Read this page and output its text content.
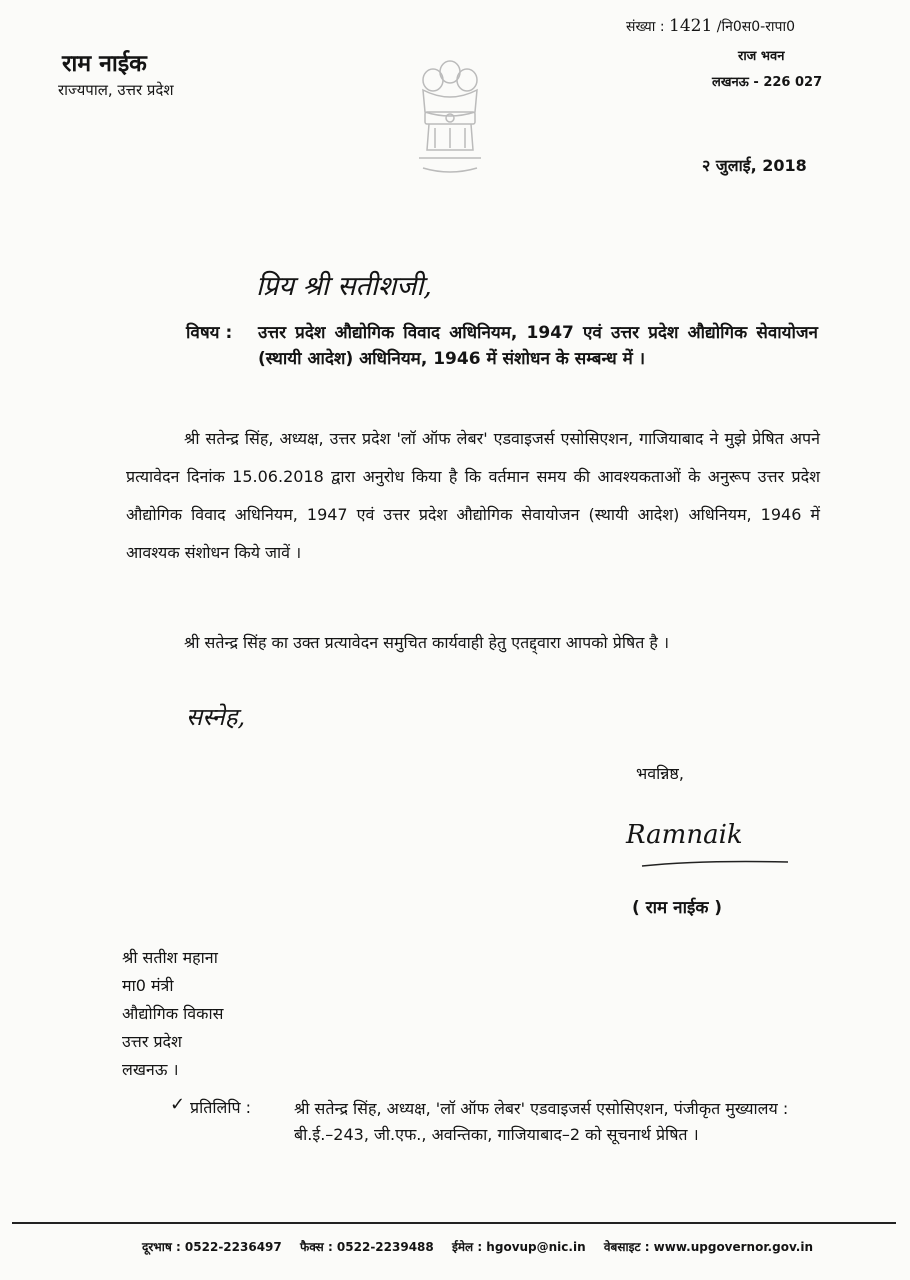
राम नाईक
राज्यपाल, उत्तर प्रदेश
संख्या : 1421 /नि0स0-रापा0
राज भवन
लखनऊ - 226 027
२ जुलाई, 2018
प्रिय श्री सतीशजी,
विषय : उत्तर प्रदेश औद्योगिक विवाद अधिनियम, 1947 एवं उत्तर प्रदेश औद्योगिक सेवायोजन (स्थायी आदेश) अधिनियम, 1946 में संशोधन के सम्बन्ध में ।
श्री सतेन्द्र सिंह, अध्यक्ष, उत्तर प्रदेश 'लॉ ऑफ लेबर' एडवाइजर्स एसोसिएशन, गाजियाबाद ने मुझे प्रेषित अपने प्रत्यावेदन दिनांक 15.06.2018 द्वारा अनुरोध किया है कि वर्तमान समय की आवश्यकताओं के अनुरूप उत्तर प्रदेश औद्योगिक विवाद अधिनियम, 1947 एवं उत्तर प्रदेश औद्योगिक सेवायोजन (स्थायी आदेश) अधिनियम, 1946 में आवश्यक संशोधन किये जावें ।
श्री सतेन्द्र सिंह का उक्त प्रत्यावेदन समुचित कार्यवाही हेतु एतद्द्वारा आपको प्रेषित है ।
सस्नेह,
भवन्निष्ठ,
Ramnaik
( राम नाईक )
श्री सतीश महाना
मा0 मंत्री
औद्योगिक विकास
उत्तर प्रदेश
लखनऊ ।
✓ प्रतिलिपि :	श्री सतेन्द्र सिंह, अध्यक्ष, 'लॉ ऑफ लेबर' एडवाइजर्स एसोसिएशन, पंजीकृत मुख्यालय : बी.ई.–243, जी.एफ., अवन्तिका, गाजियाबाद–2 को सूचनार्थ प्रेषित ।
दूरभाष : 0522-2236497 फैक्स : 0522-2239488 ईमेल : hgovup@nic.in वेबसाइट : www.upgovernor.gov.in
